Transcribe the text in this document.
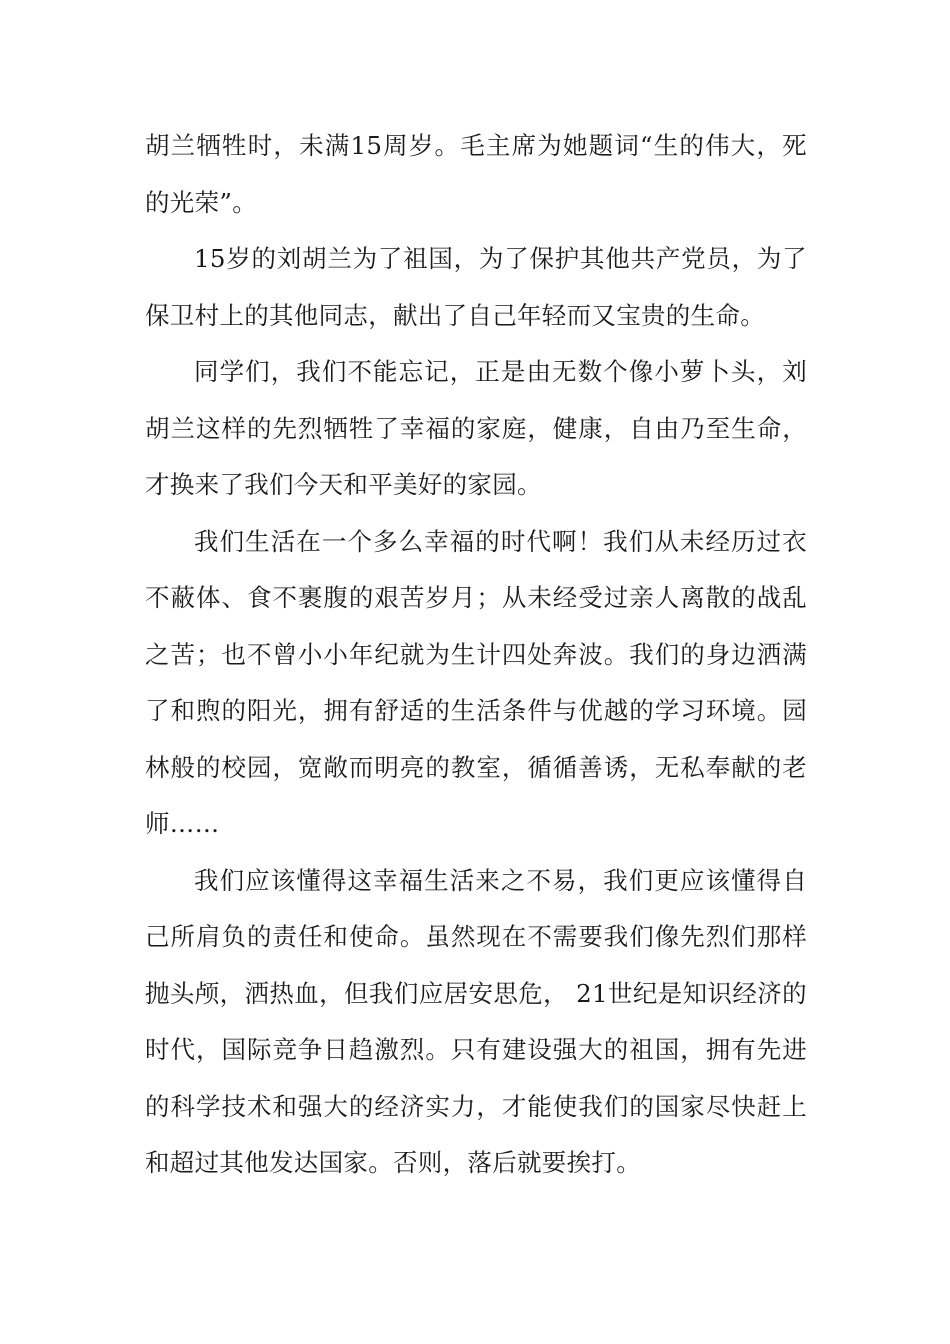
胡兰牺牲时，未满15周岁。毛主席为她题词“生的伟大，死的光荣”。

15岁的刘胡兰为了祖国，为了保护其他共产党员，为了保卫村上的其他同志，献出了自己年轻而又宝贵的生命。

同学们，我们不能忘记，正是由无数个像小萝卜头，刘胡兰这样的先烈牺牲了幸福的家庭，健康，自由乃至生命，才换来了我们今天和平美好的家园。

我们生活在一个多么幸福的时代啊！我们从未经历过衣不蔽体、食不裹腹的艰苦岁月；从未经受过亲人离散的战乱之苦；也不曾小小年纪就为生计四处奔波。我们的身边洒满了和煦的阳光，拥有舒适的生活条件与优越的学习环境。园林般的校园，宽敞而明亮的教室，循循善诱，无私奉献的老师……

我们应该懂得这幸福生活来之不易，我们更应该懂得自己所肩负的责任和使命。虽然现在不需要我们像先烈们那样抛头颅，洒热血，但我们应居安思危， 21世纪是知识经济的时代，国际竞争日趋激烈。只有建设强大的祖国，拥有先进的科学技术和强大的经济实力，才能使我们的国家尽快赶上和超过其他发达国家。否则，落后就要挨打。
